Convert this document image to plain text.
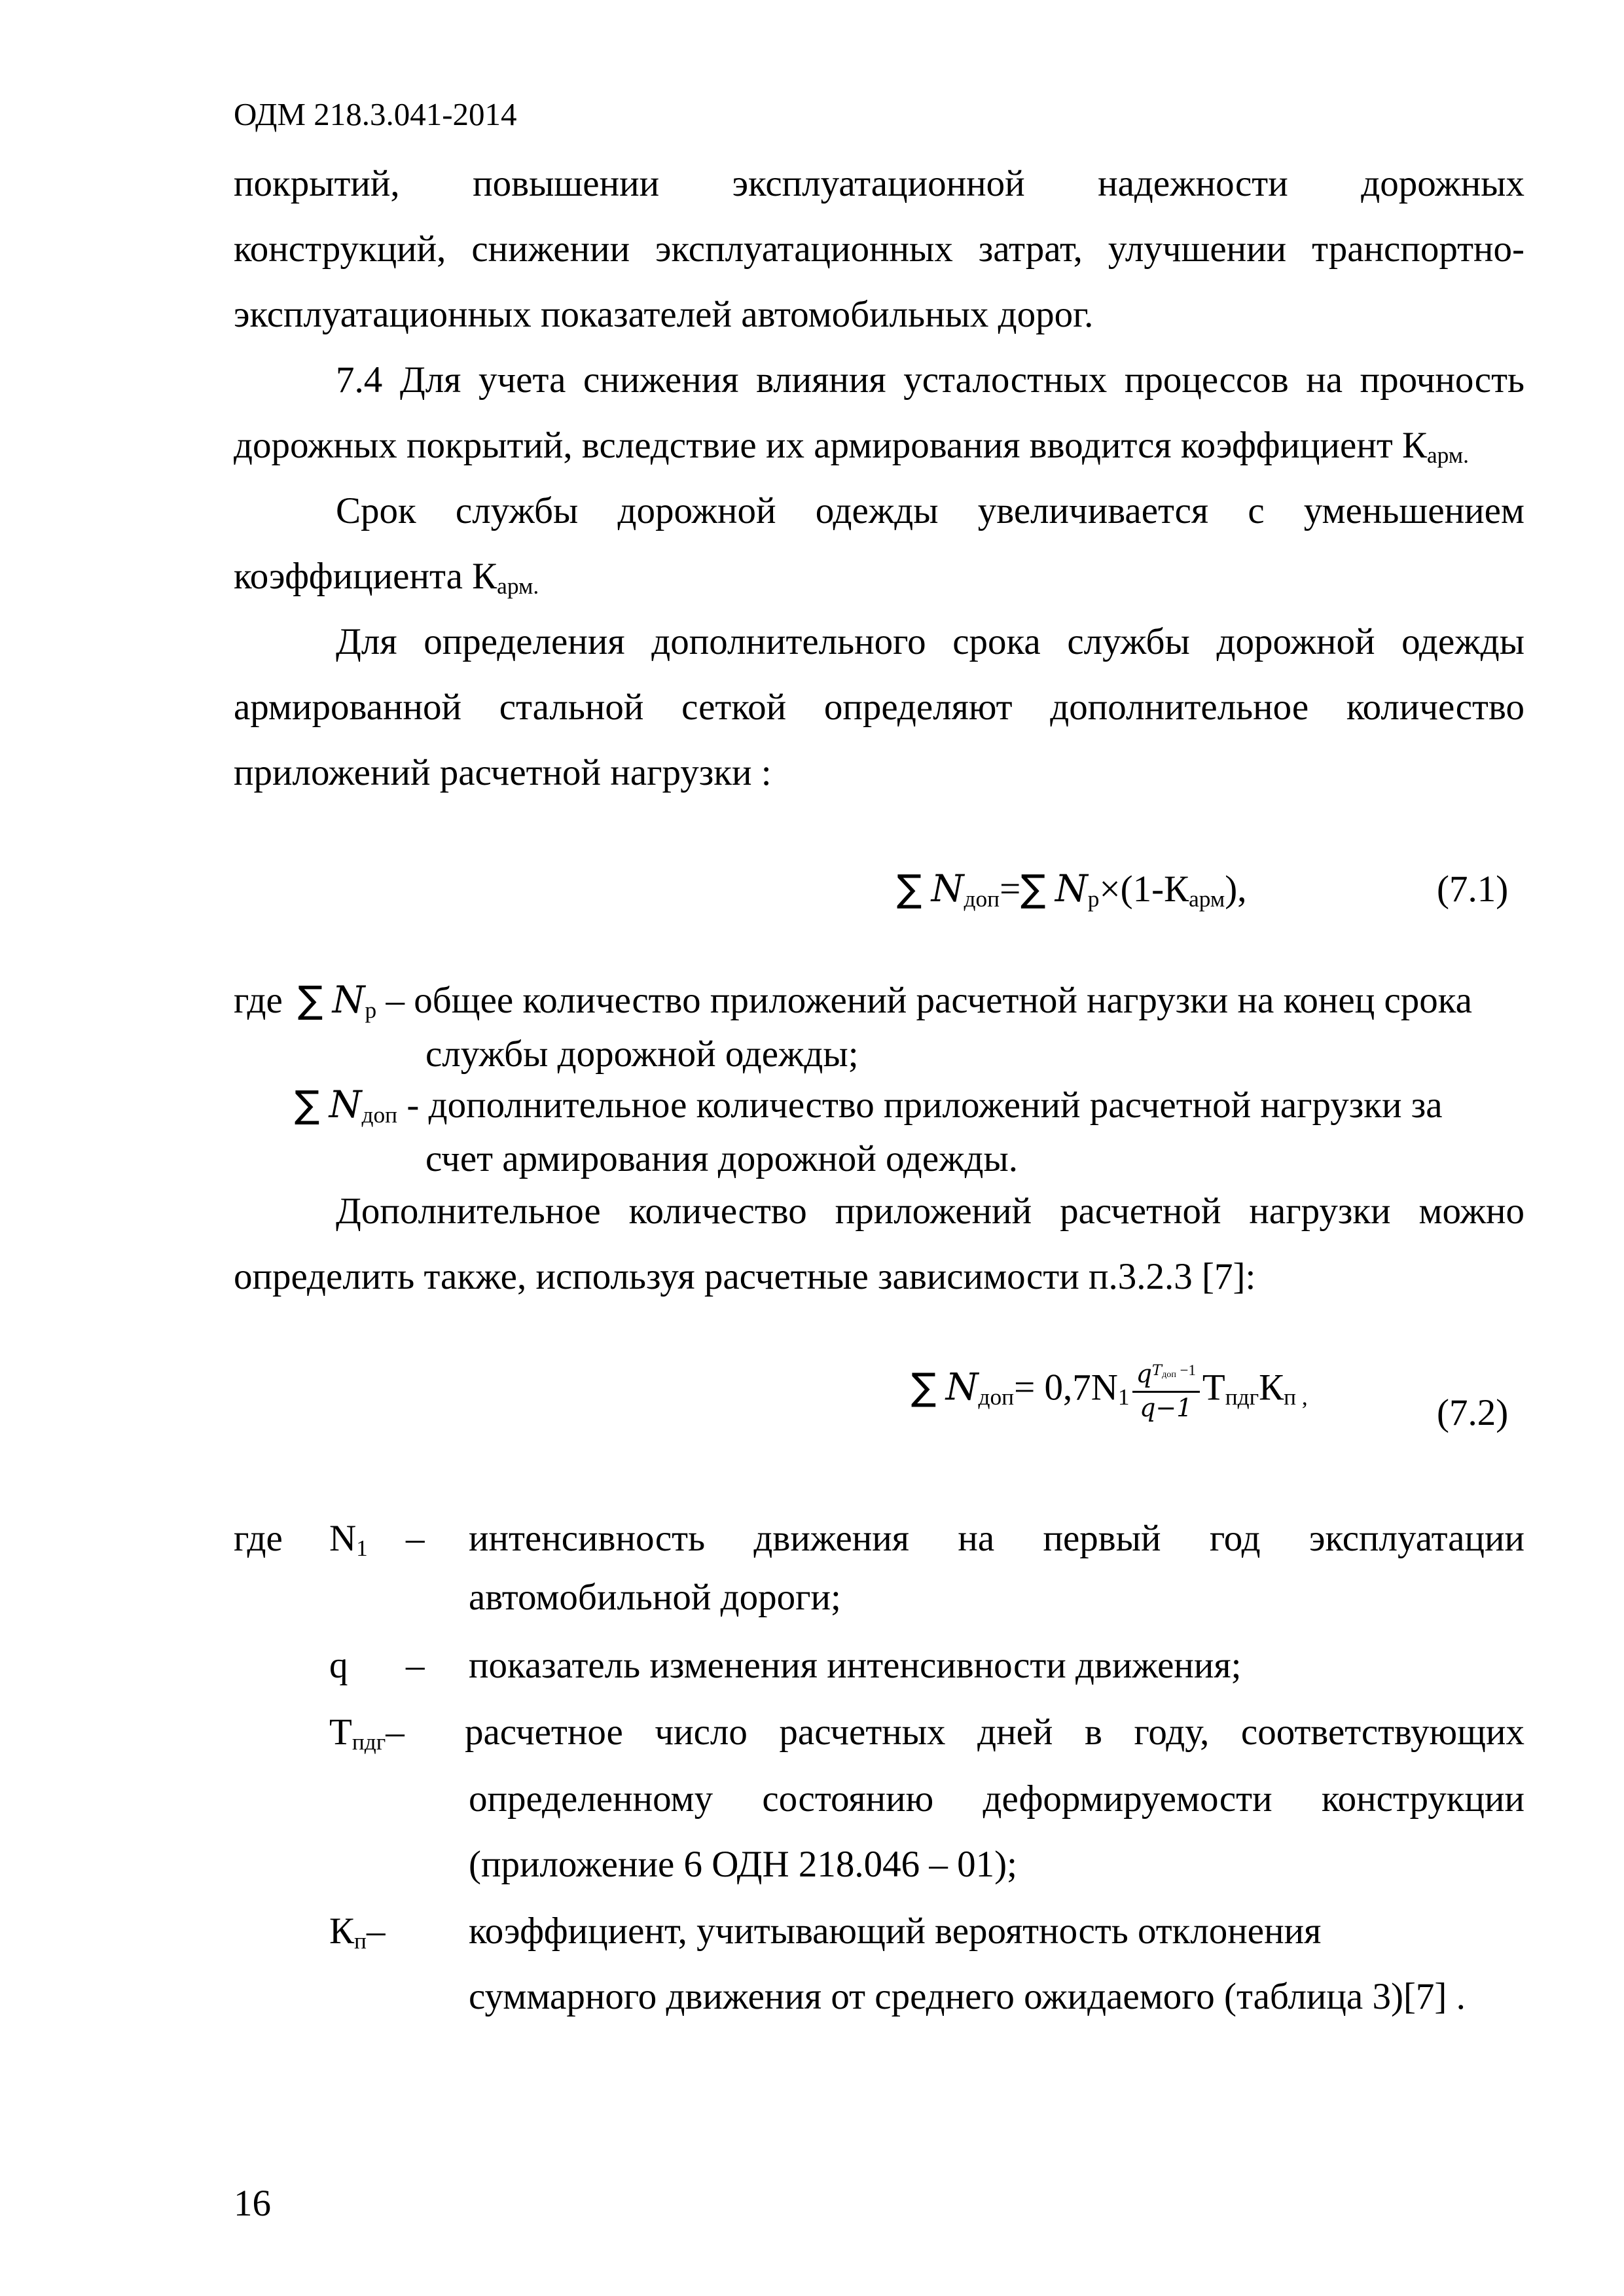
ОДМ 218.3.041-2014
покрытий, повышении эксплуатационной надежности дорожных
конструкций, снижении эксплуатационных затрат, улучшении транспортно-
эксплуатационных показателей автомобильных дорог.
7.4 Для учета снижения влияния усталостных процессов на прочность
дорожных покрытий, вследствие их армирования вводится коэффициент Карм.
Срок службы дорожной одежды увеличивается с уменьшением
коэффициента Карм.
Для определения дополнительного срока службы дорожной одежды
армированной стальной сеткой определяют дополнительное количество
приложений расчетной нагрузки :
∑ Nдоп=∑ Nр×(1-Карм),	(7.1)
где ∑ Nр – общее количество приложений расчетной нагрузки на конец срока
службы дорожной одежды;
∑ Nдоп - дополнительное количество приложений расчетной нагрузки за
счет армирования дорожной одежды.
Дополнительное количество приложений расчетной нагрузки можно
определить также, используя расчетные зависимости п.3.2.3 [7]:
∑ Nдоп= $0,7N1 \frac{q^{Tдоп -1}}{q-1}$ ТпдгКп ,	(7.2)
где N1 – интенсивность движения на первый год эксплуатации
автомобильной дороги;
q – показатель изменения интенсивности движения;
Тпдг– расчетное число расчетных дней в году, соответствующих
определенному состоянию деформируемости конструкции
(приложение 6 ОДН 218.046 – 01);
Кп– коэффициент, учитывающий вероятность отклонения
суммарного движения от среднего ожидаемого (таблица 3)[7] .
16
